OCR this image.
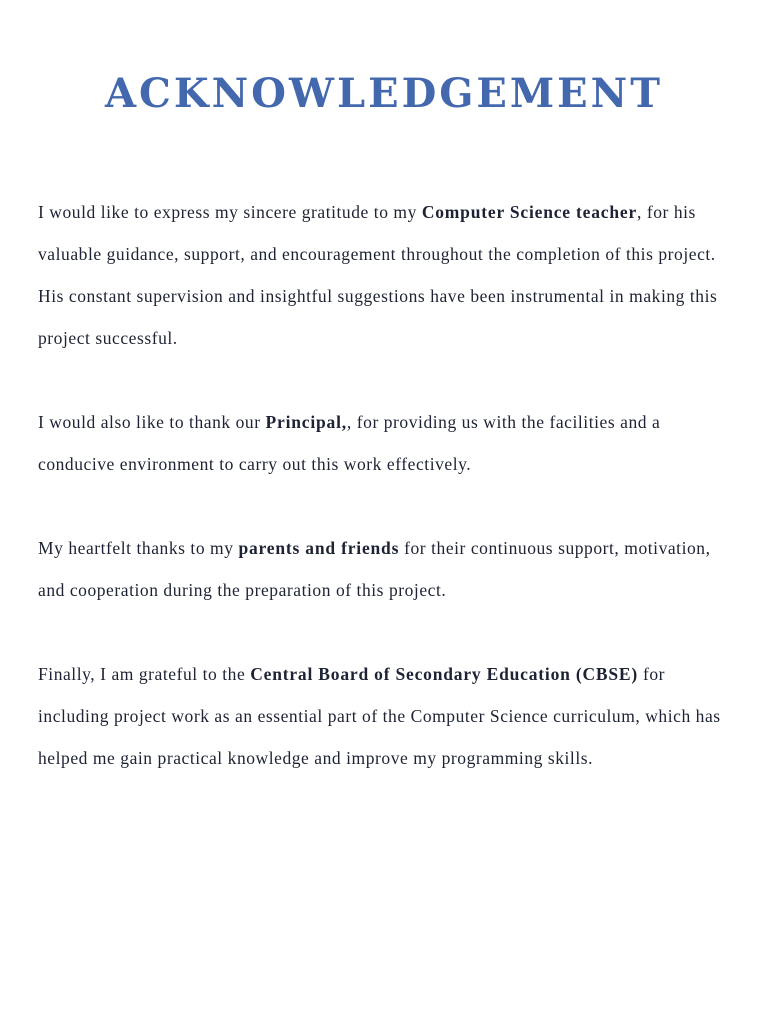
ACKNOWLEDGEMENT

I would like to express my sincere gratitude to my Computer Science teacher, for his valuable guidance, support, and encouragement throughout the completion of this project. His constant supervision and insightful suggestions have been instrumental in making this project successful.

I would also like to thank our Principal,, for providing us with the facilities and a conducive environment to carry out this work effectively.

My heartfelt thanks to my parents and friends for their continuous support, motivation, and cooperation during the preparation of this project.

Finally, I am grateful to the Central Board of Secondary Education (CBSE) for including project work as an essential part of the Computer Science curriculum, which has helped me gain practical knowledge and improve my programming skills.
